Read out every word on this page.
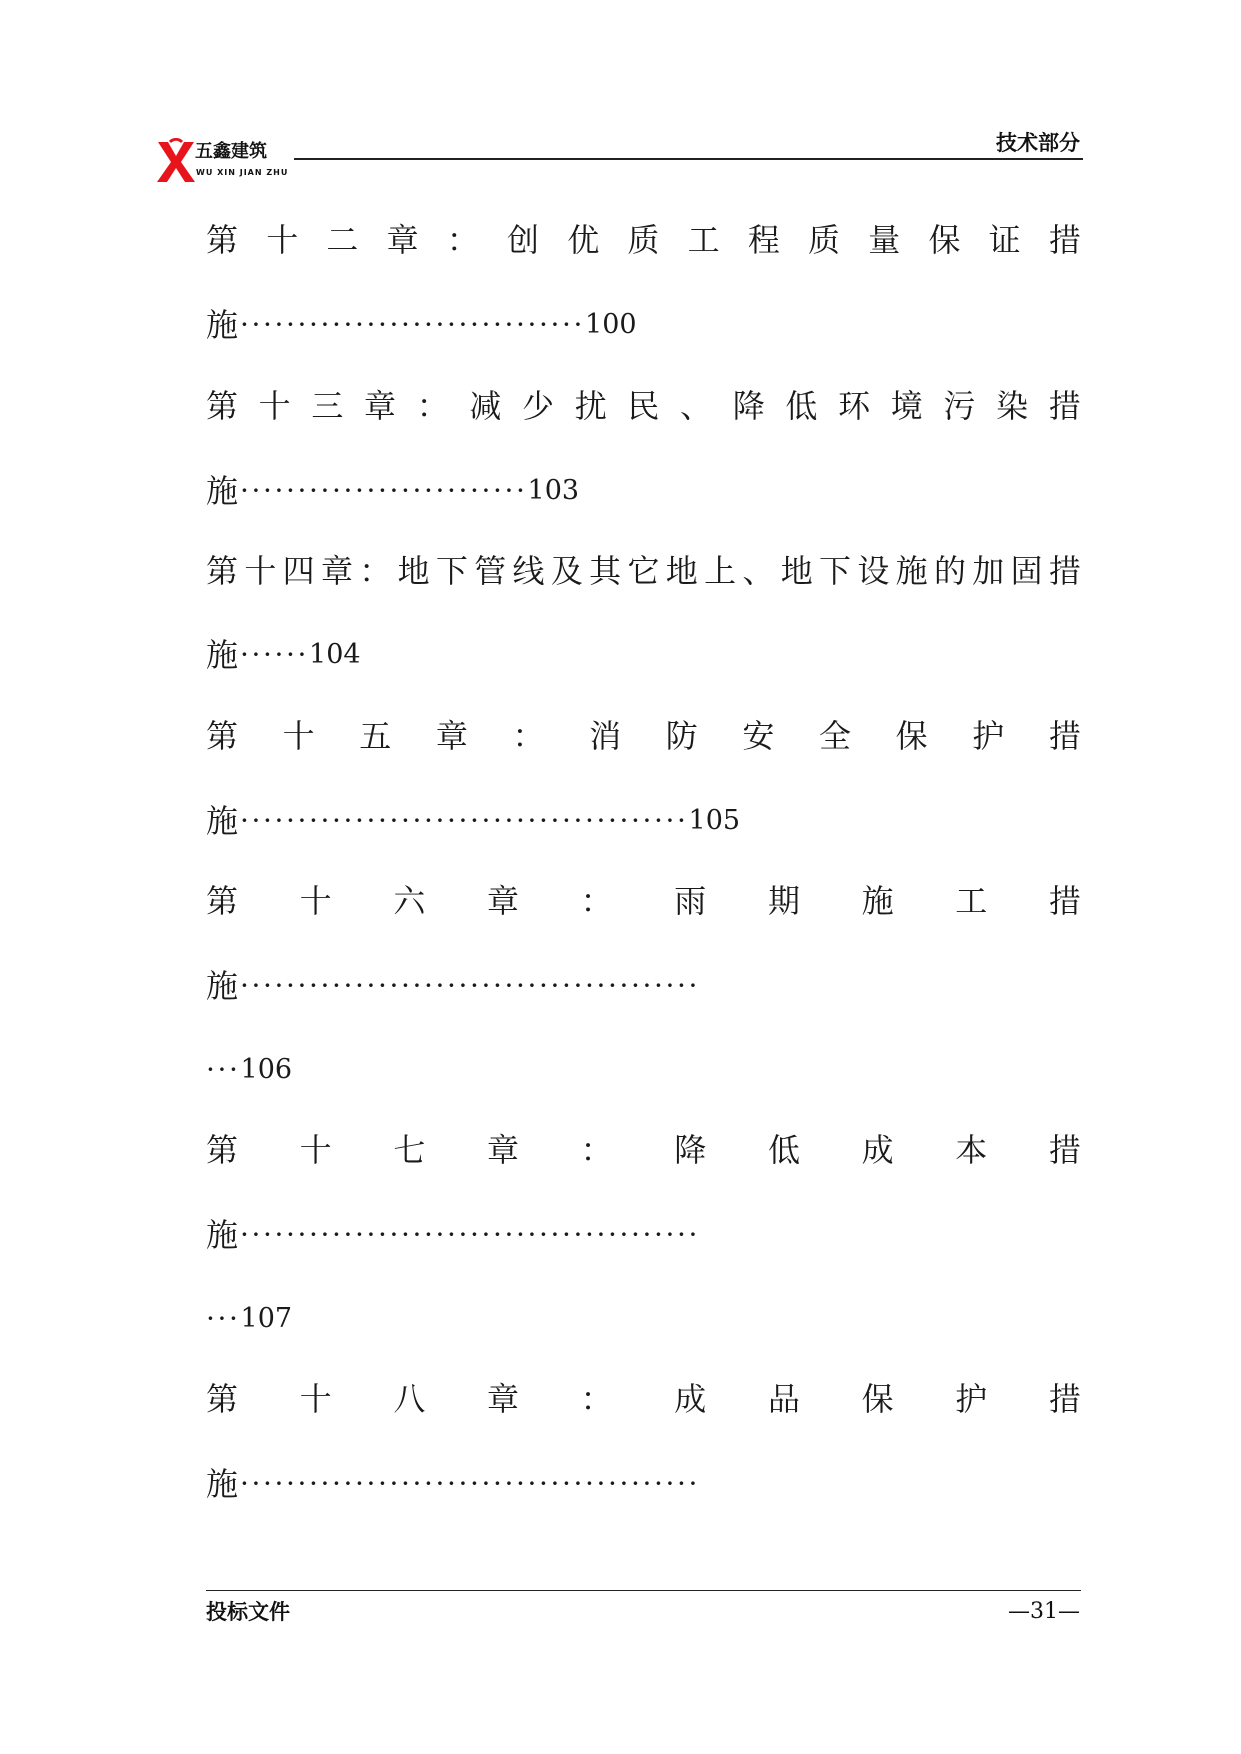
五鑫建筑
WU XIN JIAN ZHU
技术部分
第 十 二 章 ： 创 优 质 工 程 质 量 保 证 措
施 ······························ 100
第 十 三 章 ： 减 少 扰 民 、 降 低 环 境 污 染 措
施 ························· 103
第 十 四 章 ： 地 下 管 线 及 其 它 地 上 、 地 下 设 施 的 加 固 措
施 ······ 104
第 十 五 章 ： 消 防 安 全 保 护 措
施 ······································· 105
第 十 六 章 ： 雨 期 施 工 措
施 ········································
··· 106
第 十 七 章 ： 降 低 成 本 措
施 ········································
··· 107
第 十 八 章 ： 成 品 保 护 措
施 ········································
投标文件	—31—
